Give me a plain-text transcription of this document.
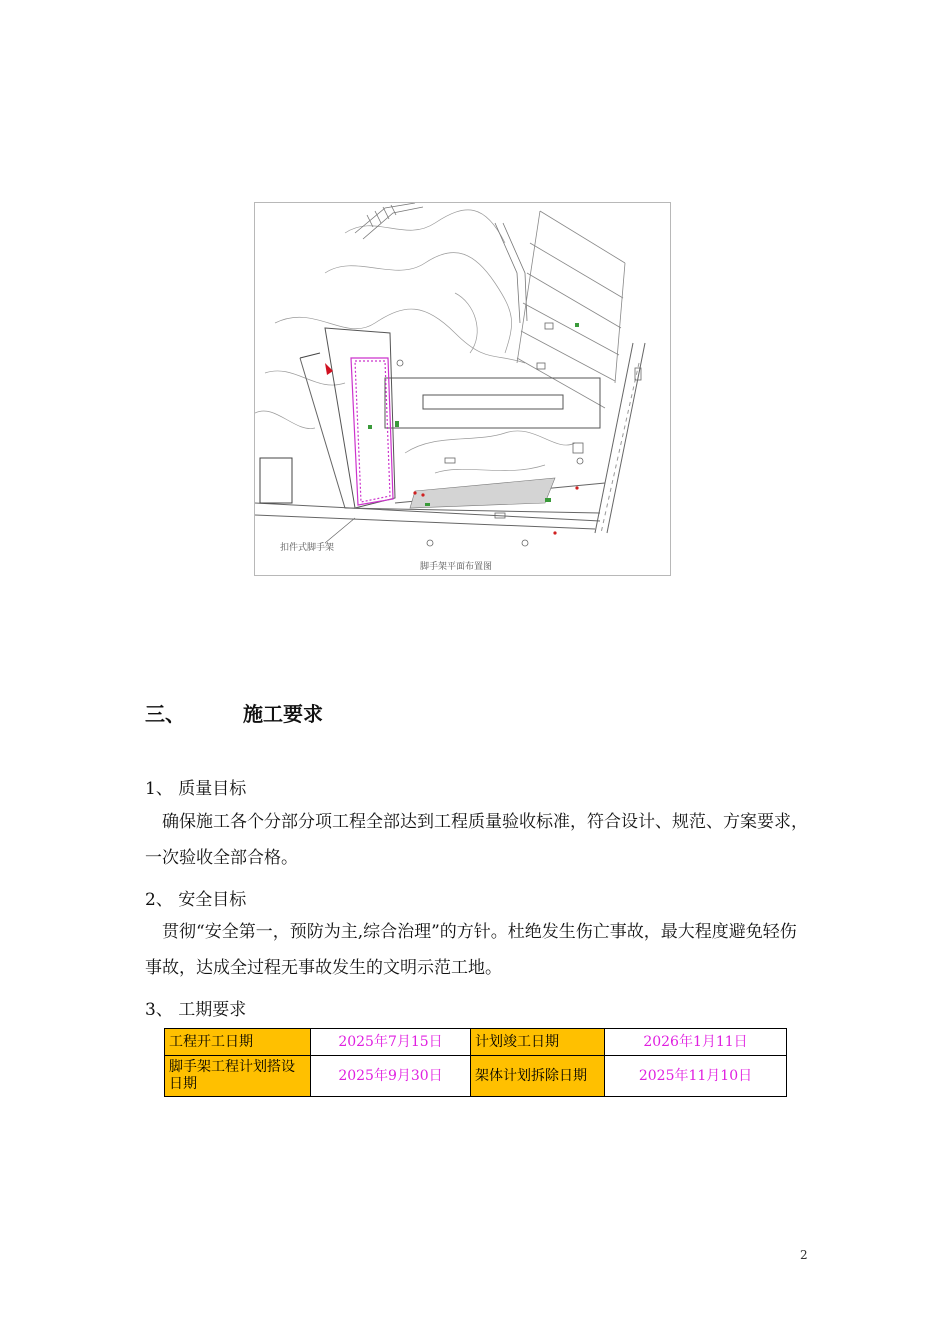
扣件式脚手架
脚手架平面布置图
三、	施工要求
1、 质量目标
确保施工各个分部分项工程全部达到工程质量验收标准，符合设计、规范、方案要求，一次验收全部合格。
2、 安全目标
贯彻“安全第一，预防为主,综合治理”的方针。杜绝发生伤亡事故，最大程度避免轻伤事故，达成全过程无事故发生的文明示范工地。
3、 工期要求
工程开工日期	2025年7月15日	计划竣工日期	2026年1月11日
脚手架工程计划搭设日期	2025年9月30日	架体计划拆除日期	2025年11月10日
2
